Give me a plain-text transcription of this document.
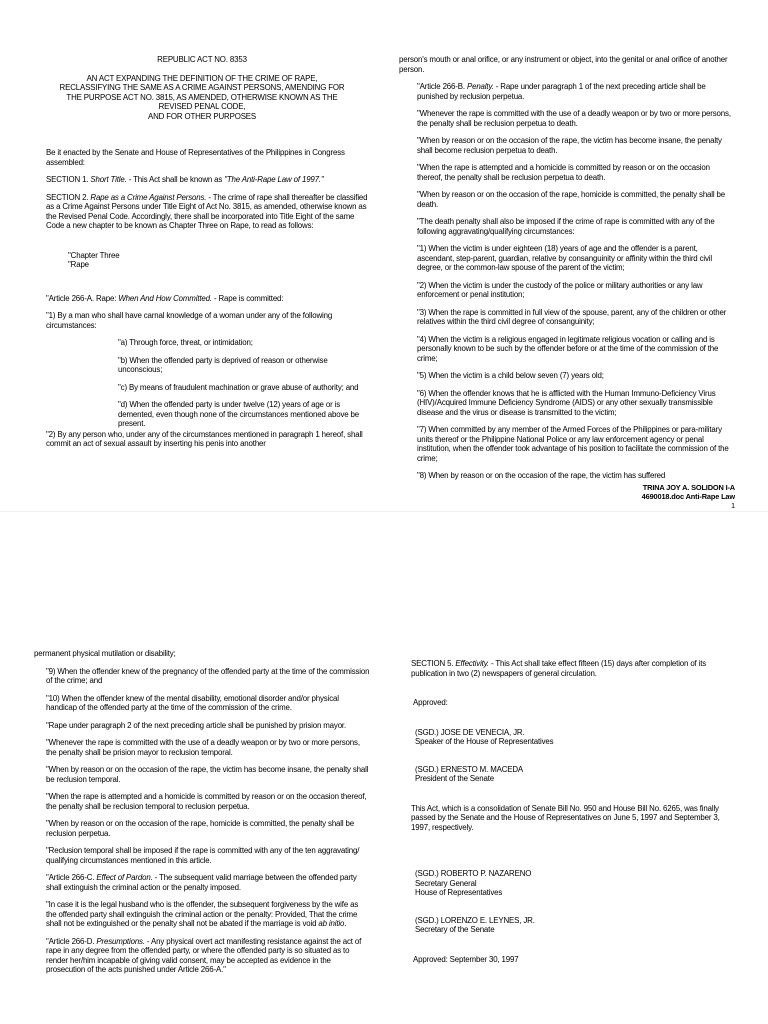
REPUBLIC ACT NO. 8353

AN ACT EXPANDING THE DEFINITION OF THE CRIME OF RAPE,

RECLASSIFYING THE SAME AS A CRIME AGAINST PERSONS, AMENDING FOR

THE PURPOSE ACT NO. 3815, AS AMENDED, OTHERWISE KNOWN AS THE

REVISED PENAL CODE,

AND FOR OTHER PURPOSES

Be it enacted by the Senate and House of Representatives of the Philippines in Congress assembled:

SECTION 1. Short Title. - This Act shall be known as "The Anti-Rape Law of 1997."

SECTION 2. Rape as a Crime Against Persons. - The crime of rape shall thereafter be classified as a Crime Against Persons under Title Eight of Act No. 3815, as amended, otherwise known as the Revised Penal Code. Accordingly, there shall be incorporated into Title Eight of the same Code a new chapter to be known as Chapter Three on Rape, to read as follows:

"Chapter Three

"Rape

"Article 266-A. Rape: When And How Committed. - Rape is committed:

"1) By a man who shall have carnal knowledge of a woman under any of the following circumstances:

"a) Through force, threat, or intimidation;

"b) When the offended party is deprived of reason or otherwise unconscious;

"c) By means of fraudulent machination or grave abuse of authority; and

"d) When the offended party is under twelve (12) years of age or is demented, even though none of the circumstances mentioned above be present.

"2) By any person who, under any of the circumstances mentioned in paragraph 1 hereof, shall commit an act of sexual assault by inserting his penis into another

person's mouth or anal orifice, or any instrument or object, into the genital or anal orifice of another person.

"Article 266-B. Penalty. - Rape under paragraph 1 of the next preceding article shall be punished by reclusion perpetua.

"Whenever the rape is committed with the use of a deadly weapon or by two or more persons, the penalty shall be reclusion perpetua to death.

"When by reason or on the occasion of the rape, the victim has become insane, the penalty shall become reclusion perpetua to death.

"When the rape is attempted and a homicide is committed by reason or on the occasion thereof, the penalty shall be reclusion perpetua to death.

"When by reason or on the occasion of the rape, homicide is committed, the penalty shall be death.

"The death penalty shall also be imposed if the crime of rape is committed with any of the following aggravating/qualifying circumstances:

"1) When the victim is under eighteen (18) years of age and the offender is a parent, ascendant, step-parent, guardian, relative by consanguinity or affinity within the third civil degree, or the common-law spouse of the parent of the victim;

"2) When the victim is under the custody of the police or military authorities or any law enforcement or penal institution;

"3) When the rape is committed in full view of the spouse, parent, any of the children or other relatives within the third civil degree of consanguinity;

"4) When the victim is a religious engaged in legitimate religious vocation or calling and is personally known to be such by the offender before or at the time of the commission of the crime;

"5) When the victim is a child below seven (7) years old;

"6) When the offender knows that he is afflicted with the Human Immuno-Deficiency Virus (HIV)/Acquired Immune Deficiency Syndrome (AIDS) or any other sexually transmissible disease and the virus or disease is transmitted to the victim;

"7) When committed by any member of the Armed Forces of the Philippines or para-military units thereof or the Philippine National Police or any law enforcement agency or penal institution, when the offender took advantage of his position to facilitate the commission of the crime;

"8) When by reason or on the occasion of the rape, the victim has suffered

TRINA JOY A. SOLIDON I-A

4690018.doc Anti-Rape Law

1

permanent physical mutilation or disability;

"9) When the offender knew of the pregnancy of the offended party at the time of the commission of the crime; and

"10) When the offender knew of the mental disability, emotional disorder and/or physical handicap of the offended party at the time of the commission of the crime.

"Rape under paragraph 2 of the next preceding article shall be punished by prision mayor.

"Whenever the rape is committed with the use of a deadly weapon or by two or more persons, the penalty shall be prision mayor to reclusion temporal.

"When by reason or on the occasion of the rape, the victim has become insane, the penalty shall be reclusion temporal.

"When the rape is attempted and a homicide is committed by reason or on the occasion thereof, the penalty shall be reclusion temporal to reclusion perpetua.

"When by reason or on the occasion of the rape, homicide is committed, the penalty shall be reclusion perpetua.

"Reclusion temporal shall be imposed if the rape is committed with any of the ten aggravating/ qualifying circumstances mentioned in this article.

"Article 266-C. Effect of Pardon. - The subsequent valid marriage between the offended party shall extinguish the criminal action or the penalty imposed.

"In case it is the legal husband who is the offender, the subsequent forgiveness by the wife as the offended party shall extinguish the criminal action or the penalty: Provided, That the crime shall not be extinguished or the penalty shall not be abated if the marriage is void ab initio.

"Article 266-D. Presumptions. - Any physical overt act manifesting resistance against the act of rape in any degree from the offended party, or where the offended party is so situated as to render her/him incapable of giving valid consent, may be accepted as evidence in the prosecution of the acts punished under Article 266-A."

SECTION 5. Effectivity. - This Act shall take effect fifteen (15) days after completion of its publication in two (2) newspapers of general circulation.

Approved:

(SGD.) JOSE DE VENECIA, JR.

Speaker of the House of Representatives

(SGD.) ERNESTO M. MACEDA

President of the Senate

This Act, which is a consolidation of Senate Bill No. 950 and House Bill No. 6265, was finally passed by the Senate and the House of Representatives on June 5, 1997 and September 3, 1997, respectively.

(SGD.) ROBERTO P. NAZARENO

Secretary General

House of Representatives

(SGD.) LORENZO E. LEYNES, JR.

Secretary of the Senate

Approved: September 30, 1997
